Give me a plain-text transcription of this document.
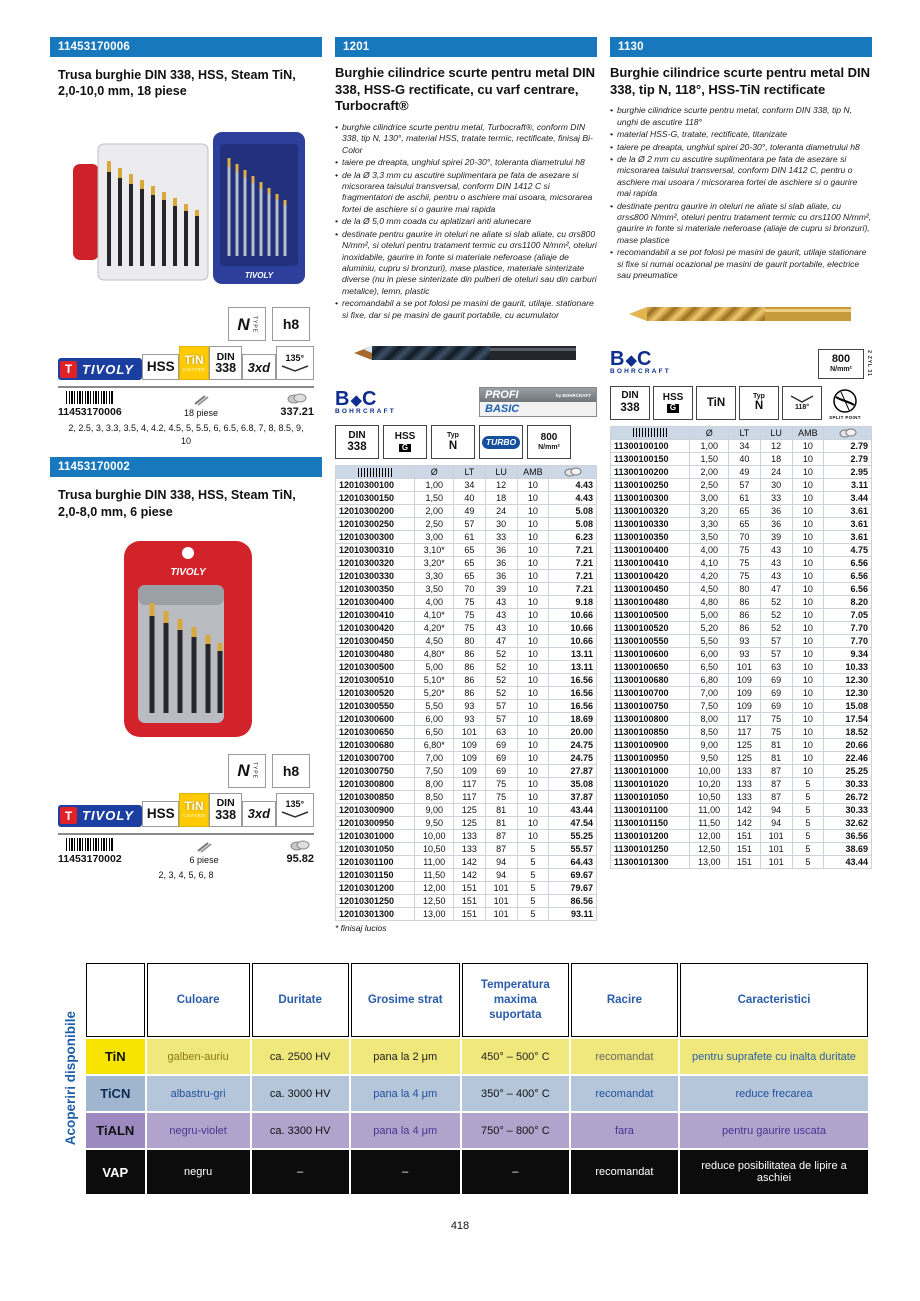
11453170006
Trusa burghie DIN 338, HSS, Steam TiN, 2,0-10,0 mm, 18 piese
TIVOLY
N TYPE	h8
T TIVOLY HSS TiN
COATED
DIN
338 3xd
135°
11453170006	18 piese	337.21
2, 2.5, 3, 3.3, 3.5, 4, 4.2, 4.5, 5, 5.5, 6, 6.5, 6.8, 7, 8, 8.5, 9, 10
11453170002
Trusa burghie DIN 338, HSS, Steam TiN, 2,0-8,0 mm, 6 piese
TIVOLY
N TYPE	h8
T TIVOLY HSS TiN
COATED
DIN
338 3xd
135°
11453170002	6 piese	95.82
2, 3, 4, 5, 6, 8
1201
Burghie cilindrice scurte pentru metal DIN 338, HSS-G rectificate, cu varf centrare, Turbocraft®
• burghie cilindrice scurte pentru metal, Turbocraft®, conform DIN 338, tip N, 130°, material HSS, tratate termic, rectificate, finisaj Bi-Color
• taiere pe dreapta, unghiul spirei 20-30°, toleranta diametrului h8
• de la Ø 3,3 mm cu ascutire suplimentara pe fata de asezare si micsorarea taisului transversal, conform DIN 1412 C si fragmentatori de aschii, pentru o aschiere mai usoara, micsorarea fortei de aschiere si o gaurire mai rapida
• de la Ø 5,0 mm coada cu aplatizari anti alunecare
• destinate pentru gaurire in oteluri ne aliate si slab aliate, cu σrs800 N/mm², si oteluri pentru tratament termic cu σrs1100 N/mm², oteluri inoxidabile, gaurire in fonte si materiale neferoase (aliaje de aluminiu, cupru si bronzuri), mase plastice, materiale sinterizate diverse (nu in piese sinterizate din pulberi de oteluri sau din carburi metalice), lemn, plastic
• recomandabil a se pot folosi pe masini de gaurit, utilaje. stationare si fixe, dar si pe masini de gaurit portabile, cu acumulator
B◆C
BOHRCRAFT
PROFI	by BOHRCRAFT
BASIC
DIN
338
HSS
G
Typ
N	TURBO	800
N/mm²
	Ø	LT	LU	AMB	

12010300100	1,00	34	12	10	4.43
12010300150	1,50	40	18	10	4.43
12010300200	2,00	49	24	10	5.08
12010300250	2,50	57	30	10	5.08
12010300300	3,00	61	33	10	6.23
12010300310	3,10*	65	36	10	7.21
12010300320	3,20*	65	36	10	7.21
12010300330	3,30	65	36	10	7.21
12010300350	3,50	70	39	10	7.21
12010300400	4,00	75	43	10	9.18
12010300410	4,10*	75	43	10	10.66
12010300420	4,20*	75	43	10	10.66
12010300450	4,50	80	47	10	10.66
12010300480	4,80*	86	52	10	13.11
12010300500	5,00	86	52	10	13.11
12010300510	5,10*	86	52	10	16.56
12010300520	5,20*	86	52	10	16.56
12010300550	5,50	93	57	10	16.56
12010300600	6,00	93	57	10	18.69
12010300650	6,50	101	63	10	20.00
12010300680	6,80*	109	69	10	24.75
12010300700	7,00	109	69	10	24.75
12010300750	7,50	109	69	10	27.87
12010300800	8,00	117	75	10	35.08
12010300850	8,50	117	75	10	37.87
12010300900	9,00	125	81	10	43.44
12010300950	9,50	125	81	10	47.54
12010301000	10,00	133	87	10	55.25
12010301050	10,50	133	87	5	55.57
12010301100	11,00	142	94	5	64.43
12010301150	11,50	142	94	5	69.67
12010301200	12,00	151	101	5	79.67
12010301250	12,50	151	101	5	86.56
12010301300	13,00	151	101	5	93.11
* finisaj lucios
1130
Burghie cilindrice scurte pentru metal DIN 338, tip N, 118°, HSS-TiN rectificate
• burghie cilindrice scurte pentru metal, conform DIN 338, tip N, unghi de ascutire 118°
• material HSS-G, tratate, rectificate, titanizate
• taiere pe dreapta, unghiul spirei 20-30°, toleranta diametrului h8
• de la Ø 2 mm cu ascutire suplimentara pe fata de asezare si micsorarea taisului transversal, conform DIN 1412 C, pentru o aschiere mai usoara / micsorarea fortei de aschiere si o gaurire mai rapida
• destinate pentru gaurire in oteluri ne aliate si slab aliate, cu σrs≤800 N/mm², oteluri pentru tratament termic cu σrs1100 N/mm², gaurire in fonte si materiale neferoase (aliaje de cupru si bronzuri), mase plastice
• recomandabil a se pot folosi pe masini de gaurit, utilaje stationare si fixe si numai ocazional pe masini de gaurit portabile, electrice sau pneumatice
B◆C
BOHRCRAFT
800
N/mm²	2 ZYL 31
DIN
338
HSS
G	TiN
Typ
N	118°
SPLIT POINT
	Ø	LT	LU	AMB	

11300100100	1,00	34	12	10	2.79
11300100150	1,50	40	18	10	2.79
11300100200	2,00	49	24	10	2.95
11300100250	2,50	57	30	10	3.11
11300100300	3,00	61	33	10	3.44
11300100320	3,20	65	36	10	3.61
11300100330	3,30	65	36	10	3.61
11300100350	3,50	70	39	10	3.61
11300100400	4,00	75	43	10	4.75
11300100410	4,10	75	43	10	6.56
11300100420	4,20	75	43	10	6.56
11300100450	4,50	80	47	10	6.56
11300100480	4,80	86	52	10	8.20
11300100500	5,00	86	52	10	7.05
11300100520	5,20	86	52	10	7.70
11300100550	5,50	93	57	10	7.70
11300100600	6,00	93	57	10	9.34
11300100650	6,50	101	63	10	10.33
11300100680	6,80	109	69	10	12.30
11300100700	7,00	109	69	10	12.30
11300100750	7,50	109	69	10	15.08
11300100800	8,00	117	75	10	17.54
11300100850	8,50	117	75	10	18.52
11300100900	9,00	125	81	10	20.66
11300100950	9,50	125	81	10	22.46
11300101000	10,00	133	87	10	25.25
11300101020	10,20	133	87	5	30.33
11300101050	10,50	133	87	5	26.72
11300101100	11,00	142	94	5	30.33
11300101150	11,50	142	94	5	32.62
11300101200	12,00	151	101	5	36.56
11300101250	12,50	151	101	5	38.69
11300101300	13,00	151	101	5	43.44
Acoperiri disponibile
	Culoare	Duritate	Grosime strat	Temperatura maxima suportata	Racire	Caracteristici
TiN	galben-auriu	ca. 2500 HV	pana la 2 μm	450° – 500° C	recomandat	pentru suprafete cu inalta duritate
TiCN	albastru-gri	ca. 3000 HV	pana la 4 μm	350° – 400° C	recomandat	reduce frecarea
TiALN	negru-violet	ca. 3300 HV	pana la 4 μm	750° – 800° C	fara	pentru gaurire uscata
VAP	negru	–	–	–	recomandat	reduce posibilitatea de lipire a aschiei
418
